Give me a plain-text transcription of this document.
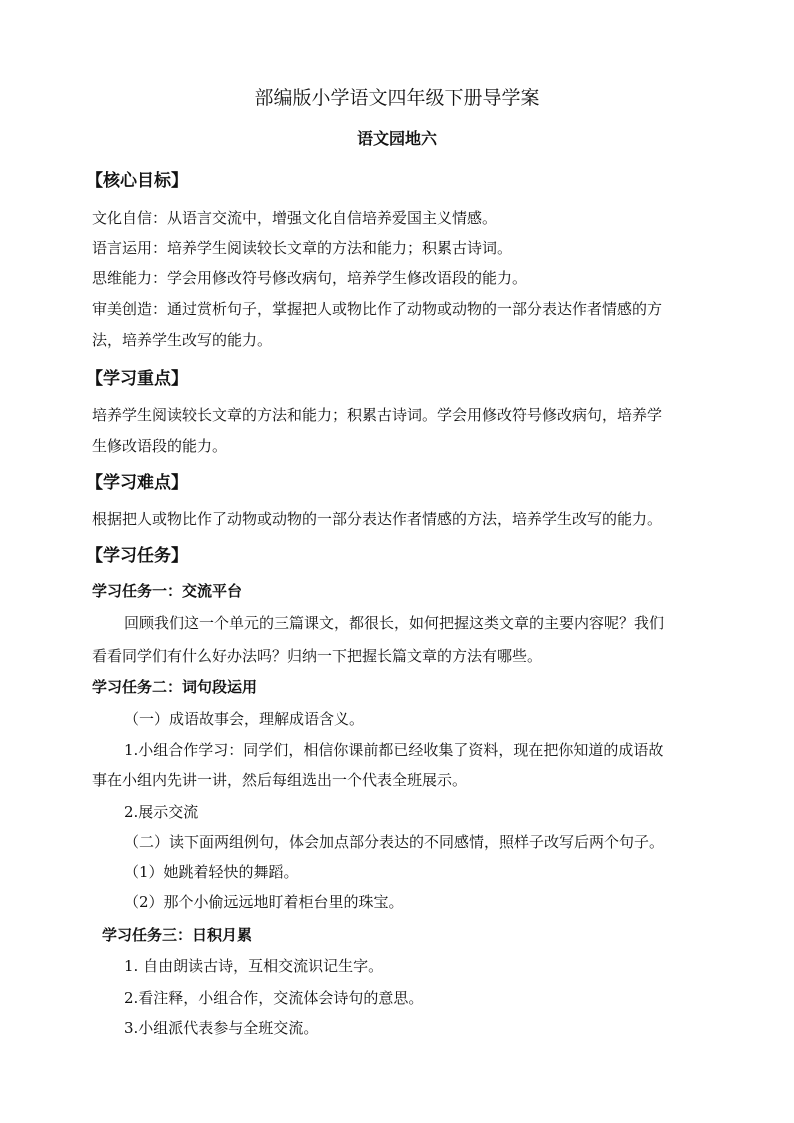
部编版小学语文四年级下册导学案
语文园地六
【核心目标】
文化自信：从语言交流中，增强文化自信培养爱国主义情感。
语言运用：培养学生阅读较长文章的方法和能力；积累古诗词。
思维能力：学会用修改符号修改病句，培养学生修改语段的能力。
审美创造：通过赏析句子，掌握把人或物比作了动物或动物的一部分表达作者情感的方
法，培养学生改写的能力。
【学习重点】
培养学生阅读较长文章的方法和能力；积累古诗词。学会用修改符号修改病句，培养学
生修改语段的能力。
【学习难点】
根据把人或物比作了动物或动物的一部分表达作者情感的方法，培养学生改写的能力。
【学习任务】
学习任务一：交流平台
回顾我们这一个单元的三篇课文，都很长，如何把握这类文章的主要内容呢？我们
看看同学们有什么好办法吗？归纳一下把握长篇文章的方法有哪些。
学习任务二：词句段运用
（一）成语故事会，理解成语含义。
1.小组合作学习：同学们，相信你课前都已经收集了资料，现在把你知道的成语故
事在小组内先讲一讲，然后每组选出一个代表全班展示。
2.展示交流
（二）读下面两组例句，体会加点部分表达的不同感情，照样子改写后两个句子。
（1）她跳着轻快的舞蹈。
（2）那个小偷远远地盯着柜台里的珠宝。
学习任务三：日积月累
1. 自由朗读古诗，互相交流识记生字。
2.看注释，小组合作，交流体会诗句的意思。
3.小组派代表参与全班交流。
